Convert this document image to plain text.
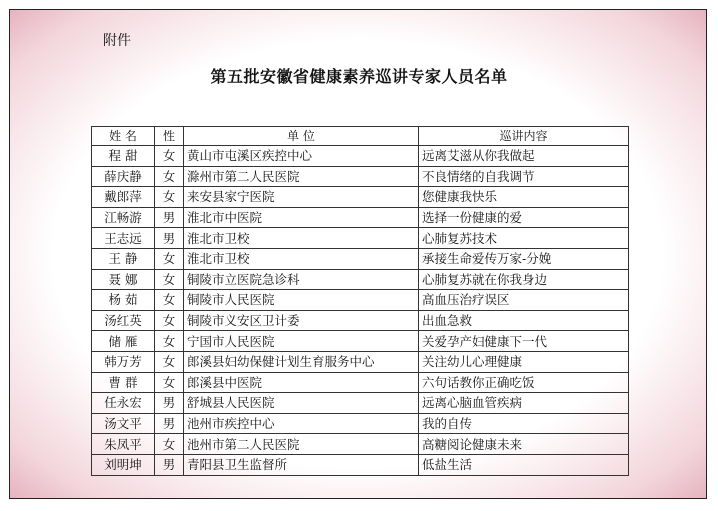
附件
第五批安徽省健康素养巡讲专家人员名单
姓 名	性	单 位	巡讲内容
程 甜	女	黄山市屯溪区疾控中心	远离艾滋从你我做起
薛庆静	女	滁州市第二人民医院	不良情绪的自我调节
戴郎萍	女	来安县家宁医院	您健康我快乐
江畅游	男	淮北市中医院	选择一份健康的爱
王志远	男	淮北市卫校	心肺复苏技术
王 静	女	淮北市卫校	承接生命爱传万家-分娩
聂 娜	女	铜陵市立医院急诊科	心肺复苏就在你我身边
杨 茹	女	铜陵市人民医院	高血压治疗误区
汤红英	女	铜陵市义安区卫计委	出血急救
储 雁	女	宁国市人民医院	关爱孕产妇健康下一代
韩万芳	女	郎溪县妇幼保健计划生育服务中心	关注幼儿心理健康
曹 群	女	郎溪县中医院	六句话教你正确吃饭
任永宏	男	舒城县人民医院	远离心脑血管疾病
汤文平	男	池州市疾控中心	我的自传
朱凤平	女	池州市第二人民医院	高糖阅论健康未来
刘明坤	男	青阳县卫生监督所	低盐生活
